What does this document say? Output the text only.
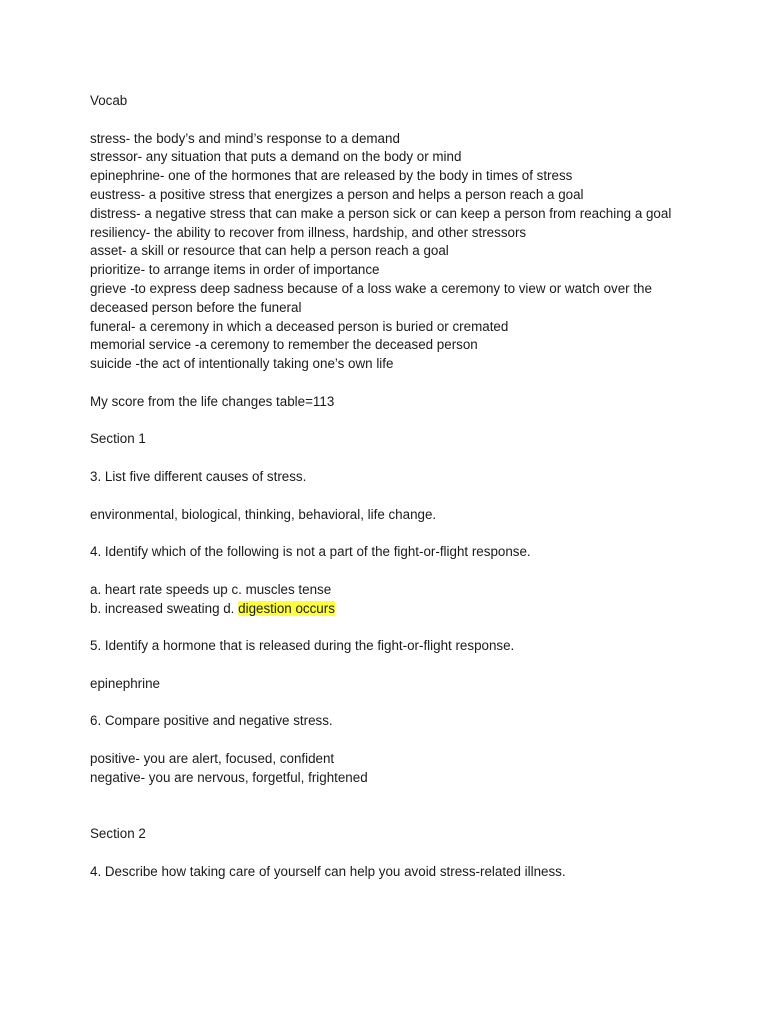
Vocab

stress- the body’s and mind’s response to a demand

stressor- any situation that puts a demand on the body or mind

epinephrine- one of the hormones that are released by the body in times of stress

eustress- a positive stress that energizes a person and helps a person reach a goal

distress- a negative stress that can make a person sick or can keep a person from reaching a goal

resiliency- the ability to recover from illness, hardship, and other stressors

asset- a skill or resource that can help a person reach a goal

prioritize- to arrange items in order of importance

grieve -to express deep sadness because of a loss wake a ceremony to view or watch over the deceased person before the funeral

funeral- a ceremony in which a deceased person is buried or cremated

memorial service -a ceremony to remember the deceased person

suicide -the act of intentionally taking one’s own life

My score from the life changes table=113

Section 1

3. List five different causes of stress.

environmental, biological, thinking, behavioral, life change.

4. Identify which of the following is not a part of the fight-or-flight response.

a. heart rate speeds up c. muscles tense

b. increased sweating d. digestion occurs

5. Identify a hormone that is released during the fight-or-flight response.

epinephrine

6. Compare positive and negative stress.

positive- you are alert, focused, confident

negative- you are nervous, forgetful, frightened

Section 2

4. Describe how taking care of yourself can help you avoid stress-related illness.
